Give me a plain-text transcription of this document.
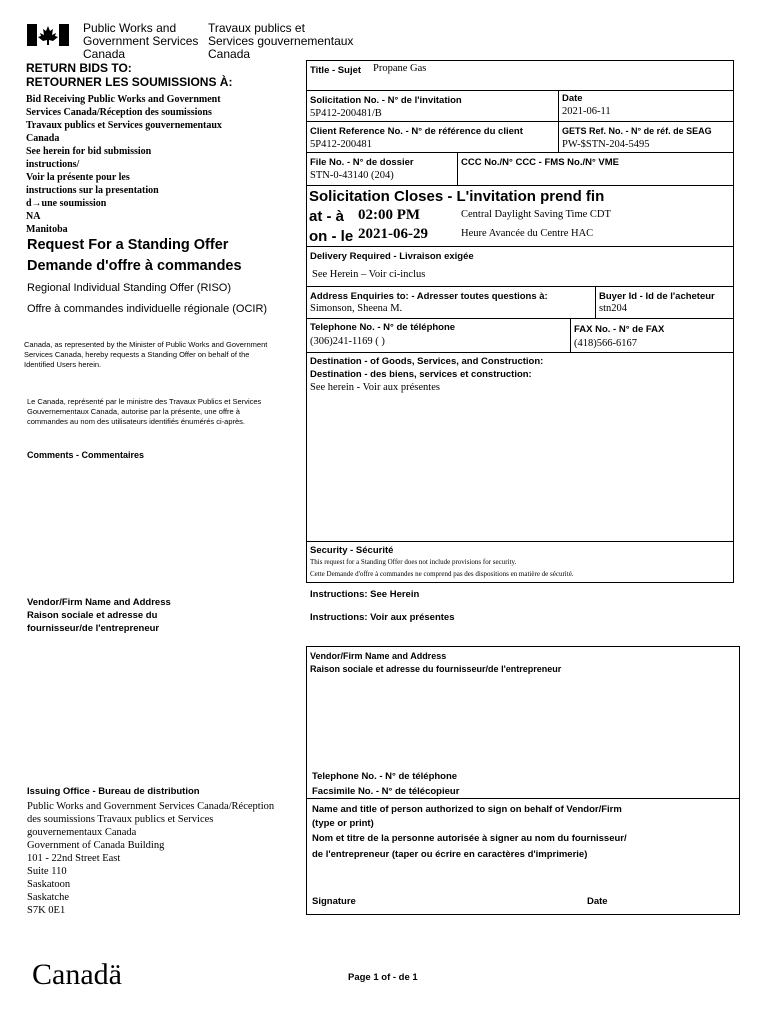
Public Works and
Government Services
Canada
Travaux publics et
Services gouvernementaux
Canada
RETURN BIDS TO:
RETOURNER LES SOUMISSIONS À:
Bid Receiving Public Works and Government
Services Canada/Réception des soumissions
Travaux publics et Services gouvernementaux
Canada
See herein for bid submission
instructions/
Voir la présente pour les
instructions sur la presentation
d→une soumission
NA
Manitoba
Request For a Standing Offer
Demande d'offre à commandes
Regional Individual Standing Offer (RISO)
Offre à commandes individuelle régionale (OCIR)
Canada, as represented by the Minister of Public Works and Government Services Canada, hereby requests a Standing Offer on behalf of the Identified Users herein.
Le Canada, représenté par le ministre des Travaux Publics et Services Gouvernementaux Canada, autorise par la présente, une offre à commandes au nom des utilisateurs identifiés énumérés ci-après.
Comments - Commentaires
Vendor/Firm Name and Address
Raison sociale et adresse du
fournisseur/de l'entrepreneur
Issuing Office - Bureau de distribution
Public Works and Government Services Canada/Réception
des soumissions Travaux publics et Services
gouvernementaux Canada
Government of Canada Building
101 - 22nd Street East
Suite 110
Saskatoon
Saskatche
S7K 0E1
Title - Sujet Propane Gas
Solicitation No. - N° de l'invitation
5P412-200481/B
Date
2021-06-11
Client Reference No. - N° de référence du client
5P412-200481
GETS Ref. No. - N° de réf. de SEAG
PW-$STN-204-5495
File No. - N° de dossier
STN-0-43140 (204)
CCC No./N° CCC - FMS No./N° VME
Solicitation Closes - L'invitation prend fin
at - à 02:00 PM	Central Daylight Saving Time CDT
on - le 2021-06-29	Heure Avancée du Centre HAC
Delivery Required - Livraison exigée
See Herein – Voir ci-inclus
Address Enquiries to: - Adresser toutes questions à:
Simonson, Sheena M.
Buyer Id - Id de l'acheteur
stn204
Telephone No. - N° de téléphone
(306)241-1169 ( )
FAX No. - N° de FAX
(418)566-6167
Destination - of Goods, Services, and Construction:
Destination - des biens, services et construction:
See herein - Voir aux présentes
Security - Sécurité
This request for a Standing Offer does not include provisions for security.
Cette Demande d'offre à commandes ne comprend pas des dispositions en matière de sécurité.
Instructions: See Herein
Instructions: Voir aux présentes
Vendor/Firm Name and Address
Raison sociale et adresse du fournisseur/de l'entrepreneur
Telephone No. - N° de téléphone
Facsimile No. - N° de télécopieur
Name and title of person authorized to sign on behalf of Vendor/Firm
(type or print)
Nom et titre de la personne autorisée à signer au nom du fournisseur/
de l'entrepreneur (taper ou écrire en caractères d'imprimerie)
Signature	Date
Canadä	Page 1 of - de 1
